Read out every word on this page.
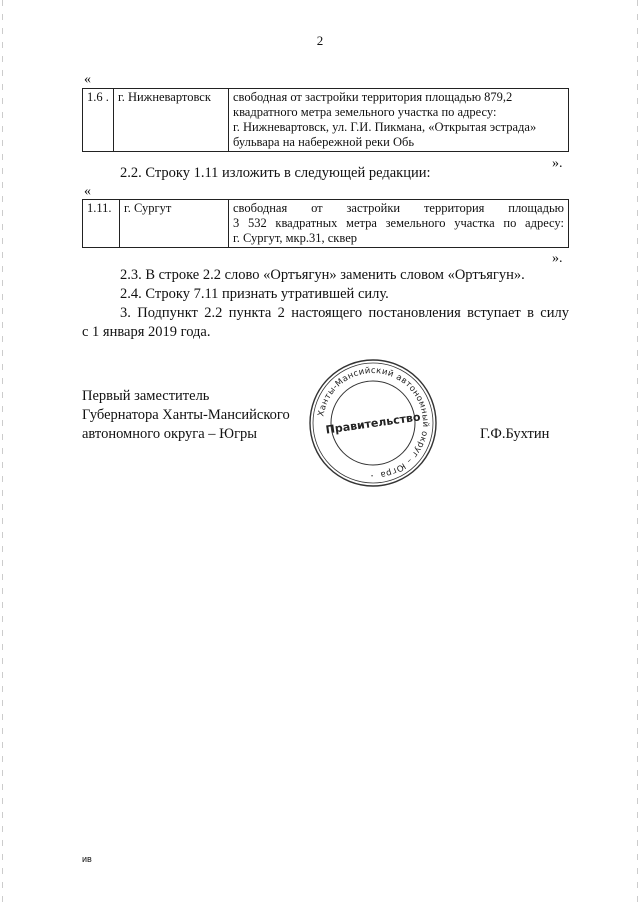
2
«
1.6 .	г. Нижневартовск	свободная от застройки территория площадью 879,2
квадратного метра земельного участка по адресу:
г. Нижневартовск, ул. Г.И. Пикмана, «Открытая эстрада»
бульвара на набережной реки Обь
».
2.2. Строку 1.11 изложить в следующей редакции:
«
1.11.	г. Сургут	свободная от застройки территория площадью
3 532 квадратных метра земельного участка по адресу:
г. Сургут, мкр.31, сквер
».
2.3. В строке 2.2 слово «Ортъягун» заменить словом «Ортъягун».
2.4. Строку 7.11 признать утратившей силу.
3. Подпункт 2.2 пункта 2 настоящего постановления вступает в силу
с 1 января 2019 года.
Первый заместитель
Губернатора Ханты-Мансийского
автономного округа – Югры
Ханты-Мансийский автономный округ – Югра
Правительство
•
Г.Ф.Бухтин
ив
